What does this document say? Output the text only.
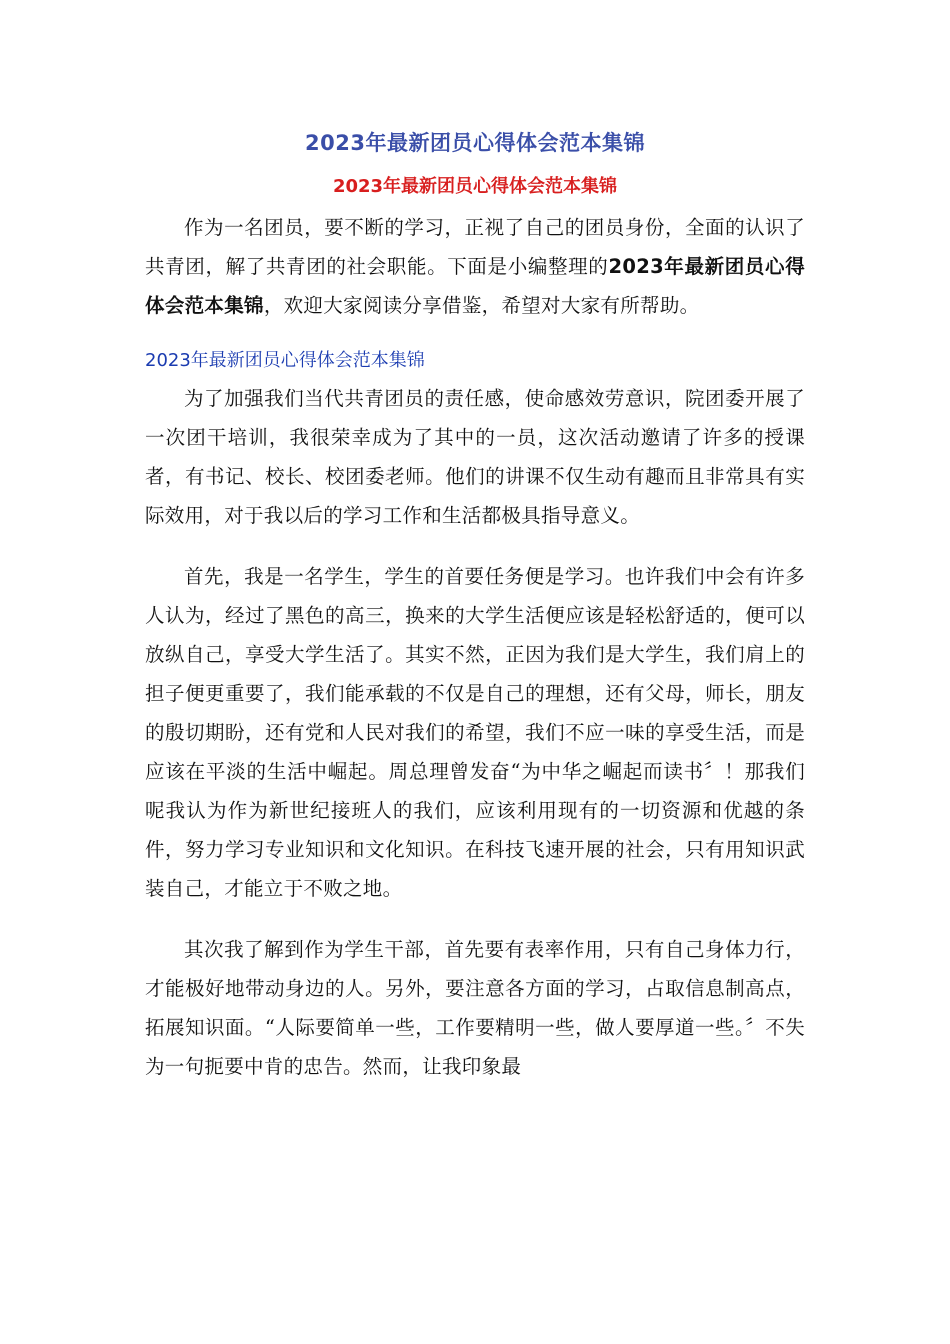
2023年最新团员心得体会范本集锦
2023年最新团员心得体会范本集锦

作为一名团员，要不断的学习，正视了自己的团员身份，全面的认识了共青团，解了共青团的社会职能。下面是小编整理的2023年最新团员心得体会范本集锦，欢迎大家阅读分享借鉴，希望对大家有所帮助。

2023年最新团员心得体会范本集锦

为了加强我们当代共青团员的责任感，使命感效劳意识，院团委开展了一次团干培训，我很荣幸成为了其中的一员，这次活动邀请了许多的授课者，有书记、校长、校团委老师。他们的讲课不仅生动有趣而且非常具有实际效用，对于我以后的学习工作和生活都极具指导意义。

首先，我是一名学生，学生的首要任务便是学习。也许我们中会有许多人认为，经过了黑色的高三，换来的大学生活便应该是轻松舒适的，便可以放纵自己，享受大学生活了。其实不然，正因为我们是大学生，我们肩上的担子便更重要了，我们能承载的不仅是自己的理想，还有父母，师长，朋友的殷切期盼，还有党和人民对我们的希望，我们不应一味的享受生活，而是应该在平淡的生活中崛起。周总理曾发奋“为中华之崛起而读书〞！那我们呢我认为作为新世纪接班人的我们，应该利用现有的一切资源和优越的条件，努力学习专业知识和文化知识。在科技飞速开展的社会，只有用知识武装自己，才能立于不败之地。

其次我了解到作为学生干部，首先要有表率作用，只有自己身体力行，才能极好地带动身边的人。另外，要注意各方面的学习，占取信息制高点，拓展知识面。“人际要简单一些，工作要精明一些，做人要厚道一些。〞不失为一句扼要中肯的忠告。然而，让我印象最
